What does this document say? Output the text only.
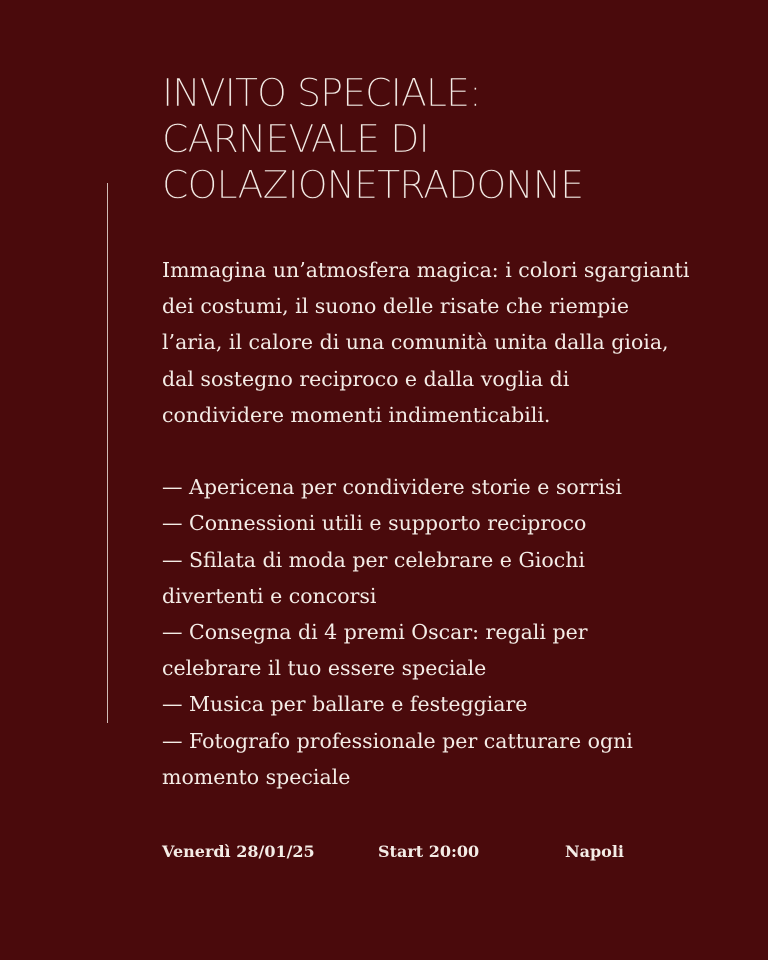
INVITO SPECIALE:
CARNEVALE DI
COLAZIONETRADONNE

Immagina un’atmosfera magica: i colori sgargianti dei costumi, il suono delle risate che riempie l’aria, il calore di una comunità unita dalla gioia, dal sostegno reciproco e dalla voglia di condividere momenti indimenticabili.

— Apericena per condividere storie e sorrisi

— Connessioni utili e supporto reciproco

— Sfilata di moda per celebrare e Giochi divertenti e concorsi

— Consegna di 4 premi Oscar: regali per celebrare il tuo essere speciale

— Musica per ballare e festeggiare

— Fotografo professionale per catturare ogni momento speciale

Venerdì 28/01/25	Start 20:00	Napoli
